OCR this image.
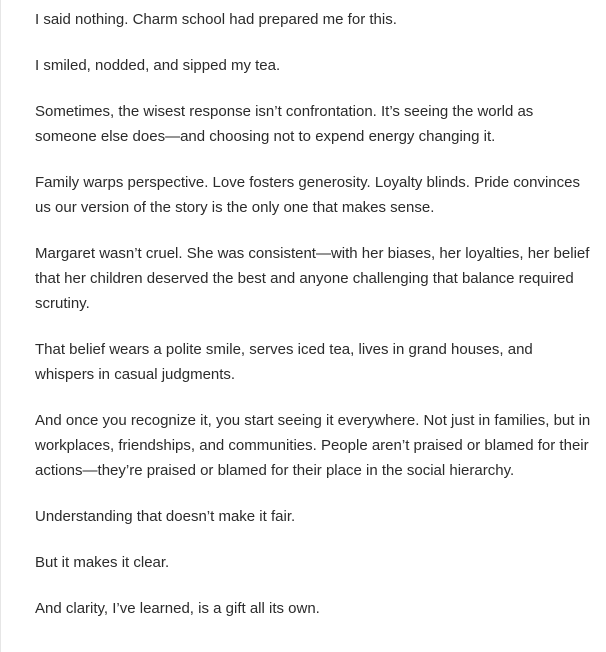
I said nothing. Charm school had prepared me for this.

I smiled, nodded, and sipped my tea.

Sometimes, the wisest response isn’t confrontation. It’s seeing the world as someone else does—and choosing not to expend energy changing it.

Family warps perspective. Love fosters generosity. Loyalty blinds. Pride convinces us our version of the story is the only one that makes sense.

Margaret wasn’t cruel. She was consistent—with her biases, her loyalties, her belief that her children deserved the best and anyone challenging that balance required scrutiny.

That belief wears a polite smile, serves iced tea, lives in grand houses, and whispers in casual judgments.

And once you recognize it, you start seeing it everywhere. Not just in families, but in workplaces, friendships, and communities. People aren’t praised or blamed for their actions—they’re praised or blamed for their place in the social hierarchy.

Understanding that doesn’t make it fair.

But it makes it clear.

And clarity, I’ve learned, is a gift all its own.
